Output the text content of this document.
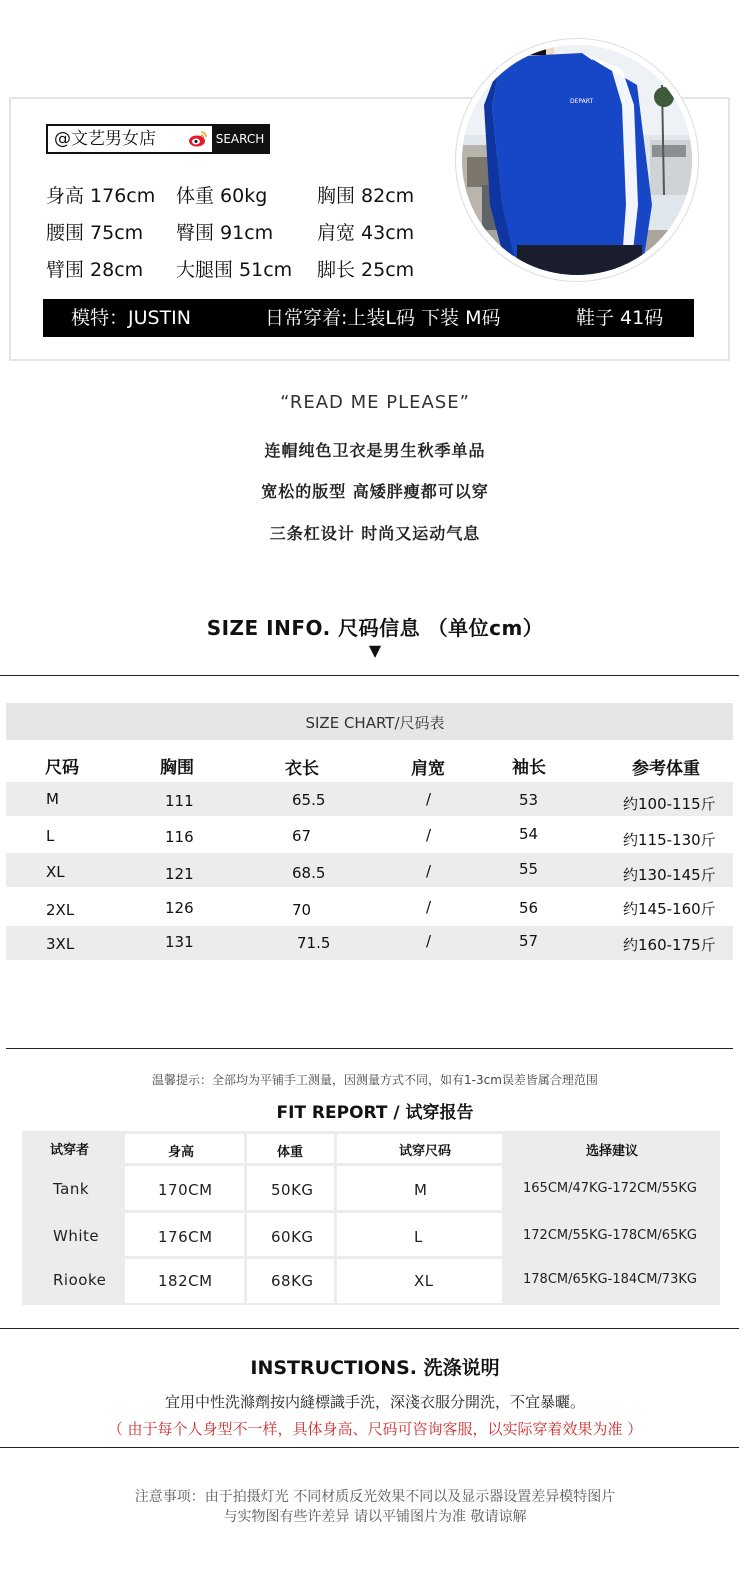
@文艺男女店	SEARCH
身高 176cm	体重 60kg	胸围 82cm
腰围 75cm	臀围 91cm	肩宽 43cm
臂围 28cm	大腿围 51cm	脚长 25cm
模特：JUSTIN	日常穿着:上装L码 下装 M码	鞋子 41码
DEPART
“READ ME PLEASE”
连帽纯色卫衣是男生秋季单品
宽松的版型 高矮胖瘦都可以穿
三条杠设计 时尚又运动气息
SIZE INFO. 尺码信息 （单位cm）
▼
SIZE CHART/尺码表
尺码	胸围	衣长	肩宽	袖长	参考体重
M	111	65.5	/	53	约100-115斤
L	116	67	/	54	约115-130斤
XL	121	68.5	/	55	约130-145斤
2XL	126	70	/	56	约145-160斤
3XL	131	71.5	/	57	约160-175斤
温馨提示：全部均为平铺手工测量，因测量方式不同，如有1-3cm误差皆属合理范围
FIT REPORT / 试穿报告
试穿者	身高	体重	试穿尺码	选择建议
Tank	170CM	50KG	M	165CM/47KG-172CM/55KG
White	176CM	60KG	L	172CM/55KG-178CM/65KG
Riooke	182CM	68KG	XL	178CM/65KG-184CM/73KG
INSTRUCTIONS. 洗涤说明
宜用中性洗滌劑按内縫標識手洗，深淺衣服分開洗，不宜暴曬。
（ 由于每个人身型不一样，具体身高、尺码可咨询客服，以实际穿着效果为准 ）
注意事项：由于拍摄灯光 不同材质反光效果不同以及显示器设置差异模特图片
与实物图有些许差异 请以平铺图片为准 敬请谅解
